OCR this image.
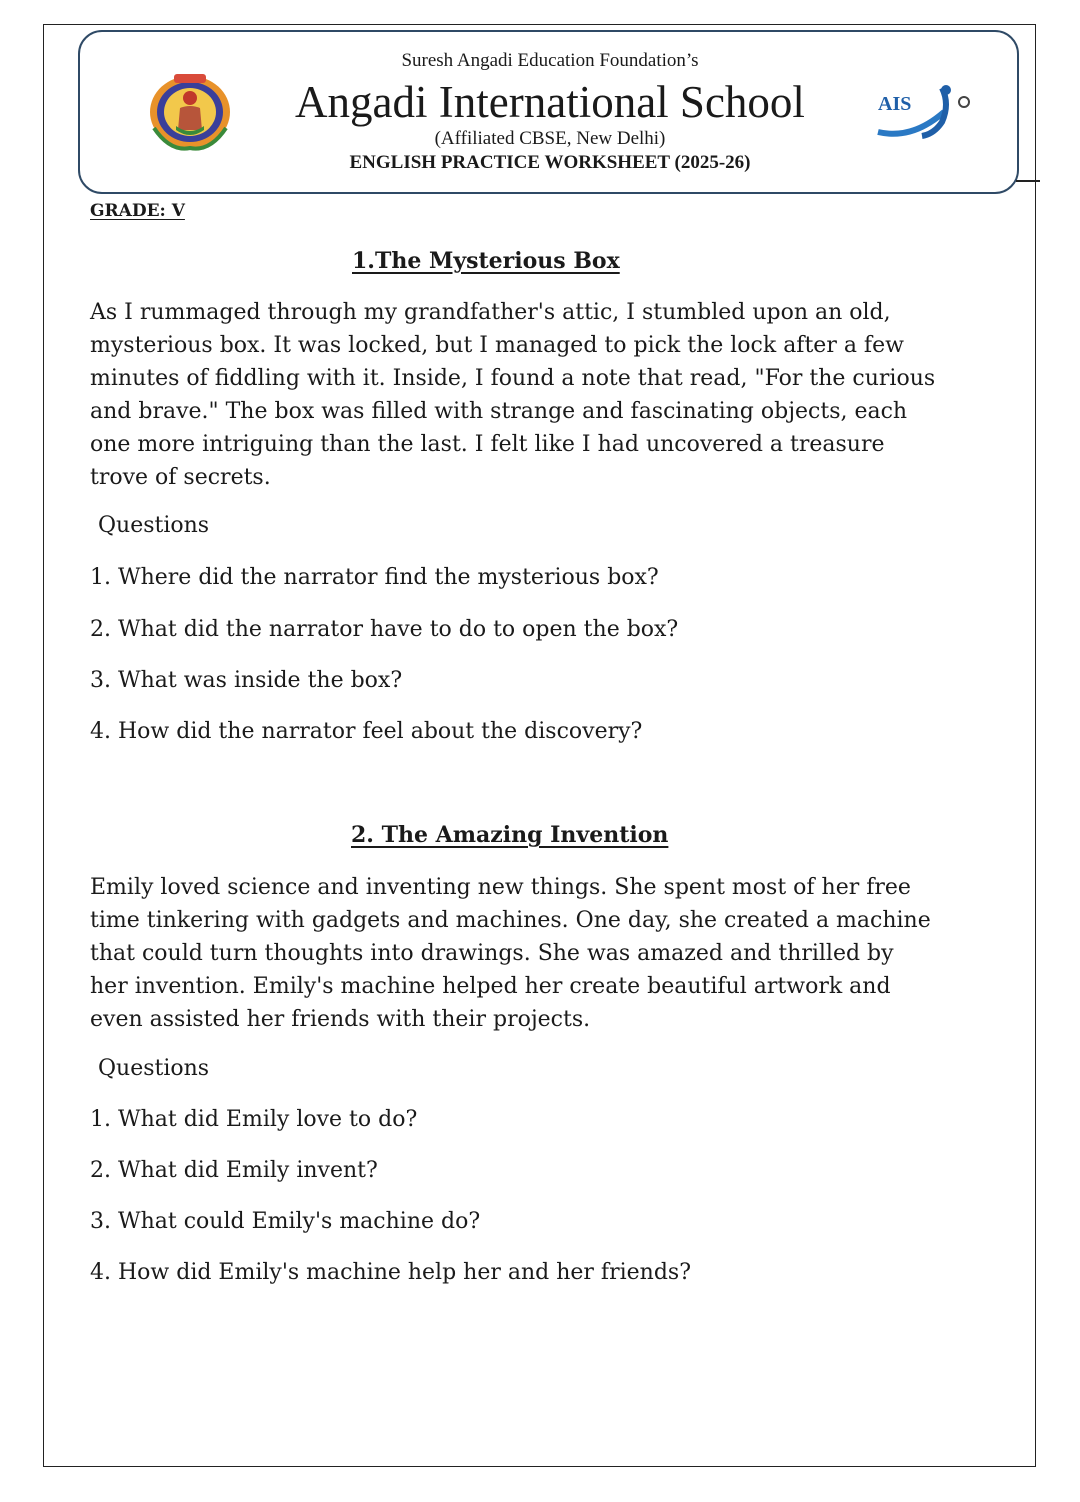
AIS
Suresh Angadi Education Foundation’s
Angadi International School
(Affiliated CBSE, New Delhi)
ENGLISH PRACTICE WORKSHEET (2025-26)
GRADE: V
1.The Mysterious Box

As I rummaged through my grandfather's attic, I stumbled upon an old,
mysterious box. It was locked, but I managed to pick the lock after a few
minutes of fiddling with it. Inside, I found a note that read, "For the curious
and brave." The box was filled with strange and fascinating objects, each
one more intriguing than the last. I felt like I had uncovered a treasure
trove of secrets.

Questions
1. Where did the narrator find the mysterious box?
2. What did the narrator have to do to open the box?
3. What was inside the box?
4. How did the narrator feel about the discovery?
2. The Amazing Invention

Emily loved science and inventing new things. She spent most of her free
time tinkering with gadgets and machines. One day, she created a machine
that could turn thoughts into drawings. She was amazed and thrilled by
her invention. Emily's machine helped her create beautiful artwork and
even assisted her friends with their projects.

Questions
1. What did Emily love to do?
2. What did Emily invent?
3. What could Emily's machine do?
4. How did Emily's machine help her and her friends?
